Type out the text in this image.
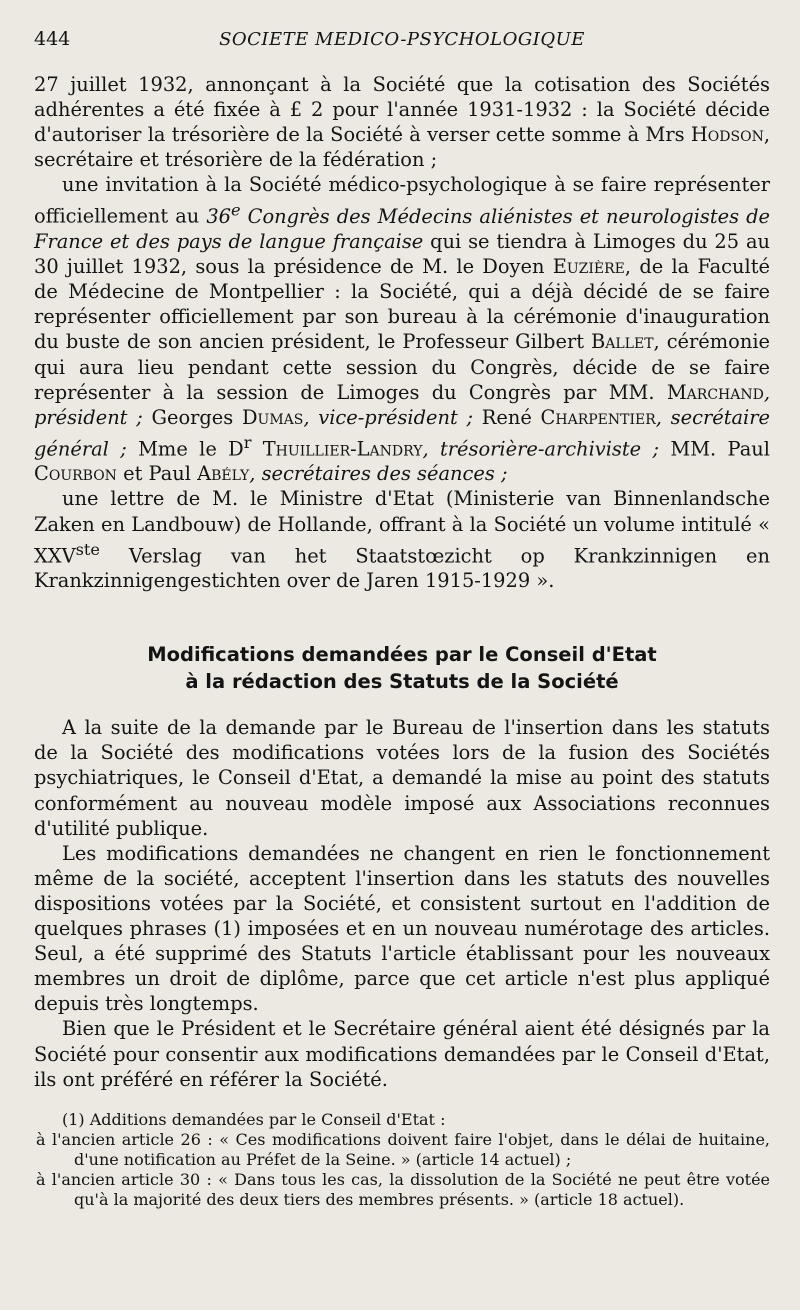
444	SOCIETE MEDICO-PSYCHOLOGIQUE

27 juillet 1932, annonçant à la Société que la cotisation des Sociétés adhérentes a été fixée à £ 2 pour l'année 1931-1932 : la Société décide d'autoriser la trésorière de la Société à verser cette somme à Mrs Hodson, secrétaire et trésorière de la fédération ;

une invitation à la Société médico-psychologique à se faire représenter officiellement au 36e Congrès des Médecins aliénistes et neurologistes de France et des pays de langue française qui se tiendra à Limoges du 25 au 30 juillet 1932, sous la présidence de M. le Doyen Euzière, de la Faculté de Médecine de Montpellier : la Société, qui a déjà décidé de se faire représenter officiellement par son bureau à la cérémonie d'inauguration du buste de son ancien président, le Professeur Gilbert Ballet, cérémonie qui aura lieu pendant cette session du Congrès, décide de se faire représenter à la session de Limoges du Congrès par MM. Marchand, président ; Georges Dumas, vice-président ; René Charpentier, secrétaire général ; Mme le $D^r$ Thuillier-Landry, trésorière-archiviste ; MM. Paul Courbon et Paul Abély, secrétaires des séances ;

une lettre de M. le Ministre d'Etat (Ministerie van Binnenlandsche Zaken en Landbouw) de Hollande, offrant à la Société un volume intitulé « XXVste Verslag van het Staatstœzicht op Krankzinnigen en Krankzinnigengestichten over de Jaren 1915-1929 ».

Modifications demandées par le Conseil d'Etat
à la rédaction des Statuts de la Société

A la suite de la demande par le Bureau de l'insertion dans les statuts de la Société des modifications votées lors de la fusion des Sociétés psychiatriques, le Conseil d'Etat, a demandé la mise au point des statuts conformément au nouveau modèle imposé aux Associations reconnues d'utilité publique.

Les modifications demandées ne changent en rien le fonctionnement même de la société, acceptent l'insertion dans les statuts des nouvelles dispositions votées par la Société, et consistent surtout en l'addition de quelques phrases (1) imposées et en un nouveau numérotage des articles. Seul, a été supprimé des Statuts l'article établissant pour les nouveaux membres un droit de diplôme, parce que cet article n'est plus appliqué depuis très longtemps.

Bien que le Président et le Secrétaire général aient été désignés par la Société pour consentir aux modifications demandées par le Conseil d'Etat, ils ont préféré en référer la Société.

(1) Additions demandées par le Conseil d'Etat :

à l'ancien article 26 : « Ces modifications doivent faire l'objet, dans le délai de huitaine, d'une notification au Préfet de la Seine. » (article 14 actuel) ;

à l'ancien article 30 : « Dans tous les cas, la dissolution de la Société ne peut être votée qu'à la majorité des deux tiers des membres présents. » (article 18 actuel).
